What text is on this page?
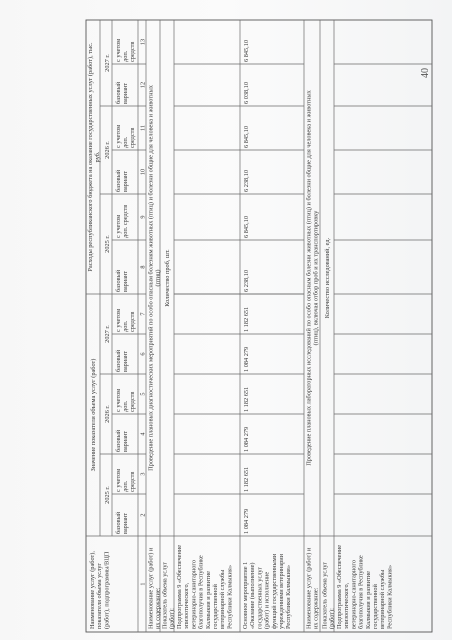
Наименование услуг (работ), показателя объема услуг (работ), подпрограммы/ВЦП
Значение показателя объема услуг (работ)
Расходы республиканского бюджета на оказание государственных услуг (работ), тыс. руб.
2025 г.
2026 г.
2027 г.
2025 г.
2026 г.
2027 г.
базовый вариант
с учетом доп. средств
базовый вариант
с учетом доп. средств
базовый вариант
с учетом доп. средств
базовый вариант
с учетом доп. средств
базовый вариант
с учетом доп. средств
базовый вариант
с учетом доп. средств
1
2
3
4
5
6
7
8
9
10
11
12
13
Наименование услуг (работ) и их содержание:
Проведение плановых диагностических мероприятий по особо опасным болезням животных (птиц) и болезни общие для человека и животных (птиц)
Показатель объема услуг (работ):
Количество проб, шт.
Подпрограмма 9 «Обеспечение эпизоотического, ветеринарно-санитарного благополучия в Республике Калмыкия и развитие государственной ветеринарной службы Республики Калмыкия» Основное мероприятие 1 «Оказание (выполнение) государственных услуг (работ) и исполнение функций государственными учреждениями ветеринарии Республики Калмыкия»
1 084 279
1 182 651
1 084 279
1 182 651
1 084 279
1 182 651
6 238,10
6 845,10
6 238,10
6 845,10
6 038,10
6 845,10
Наименование услуг (работ) и их содержание:
Проведение плановых лабораторных исследований по особо опасным болезни животных (птиц) и болезни общие для человека и животных (птиц), включая отбор проб и их транспортировку
Показатель объема услуг (работ):
Количество исследований, ед.
Подпрограмма 9 «Обеспечение эпизоотического, ветеринарно-санитарного благополучия в Республике Калмыкия и развитие государственной ветеринарной службы Республики Калмыкия»
40
